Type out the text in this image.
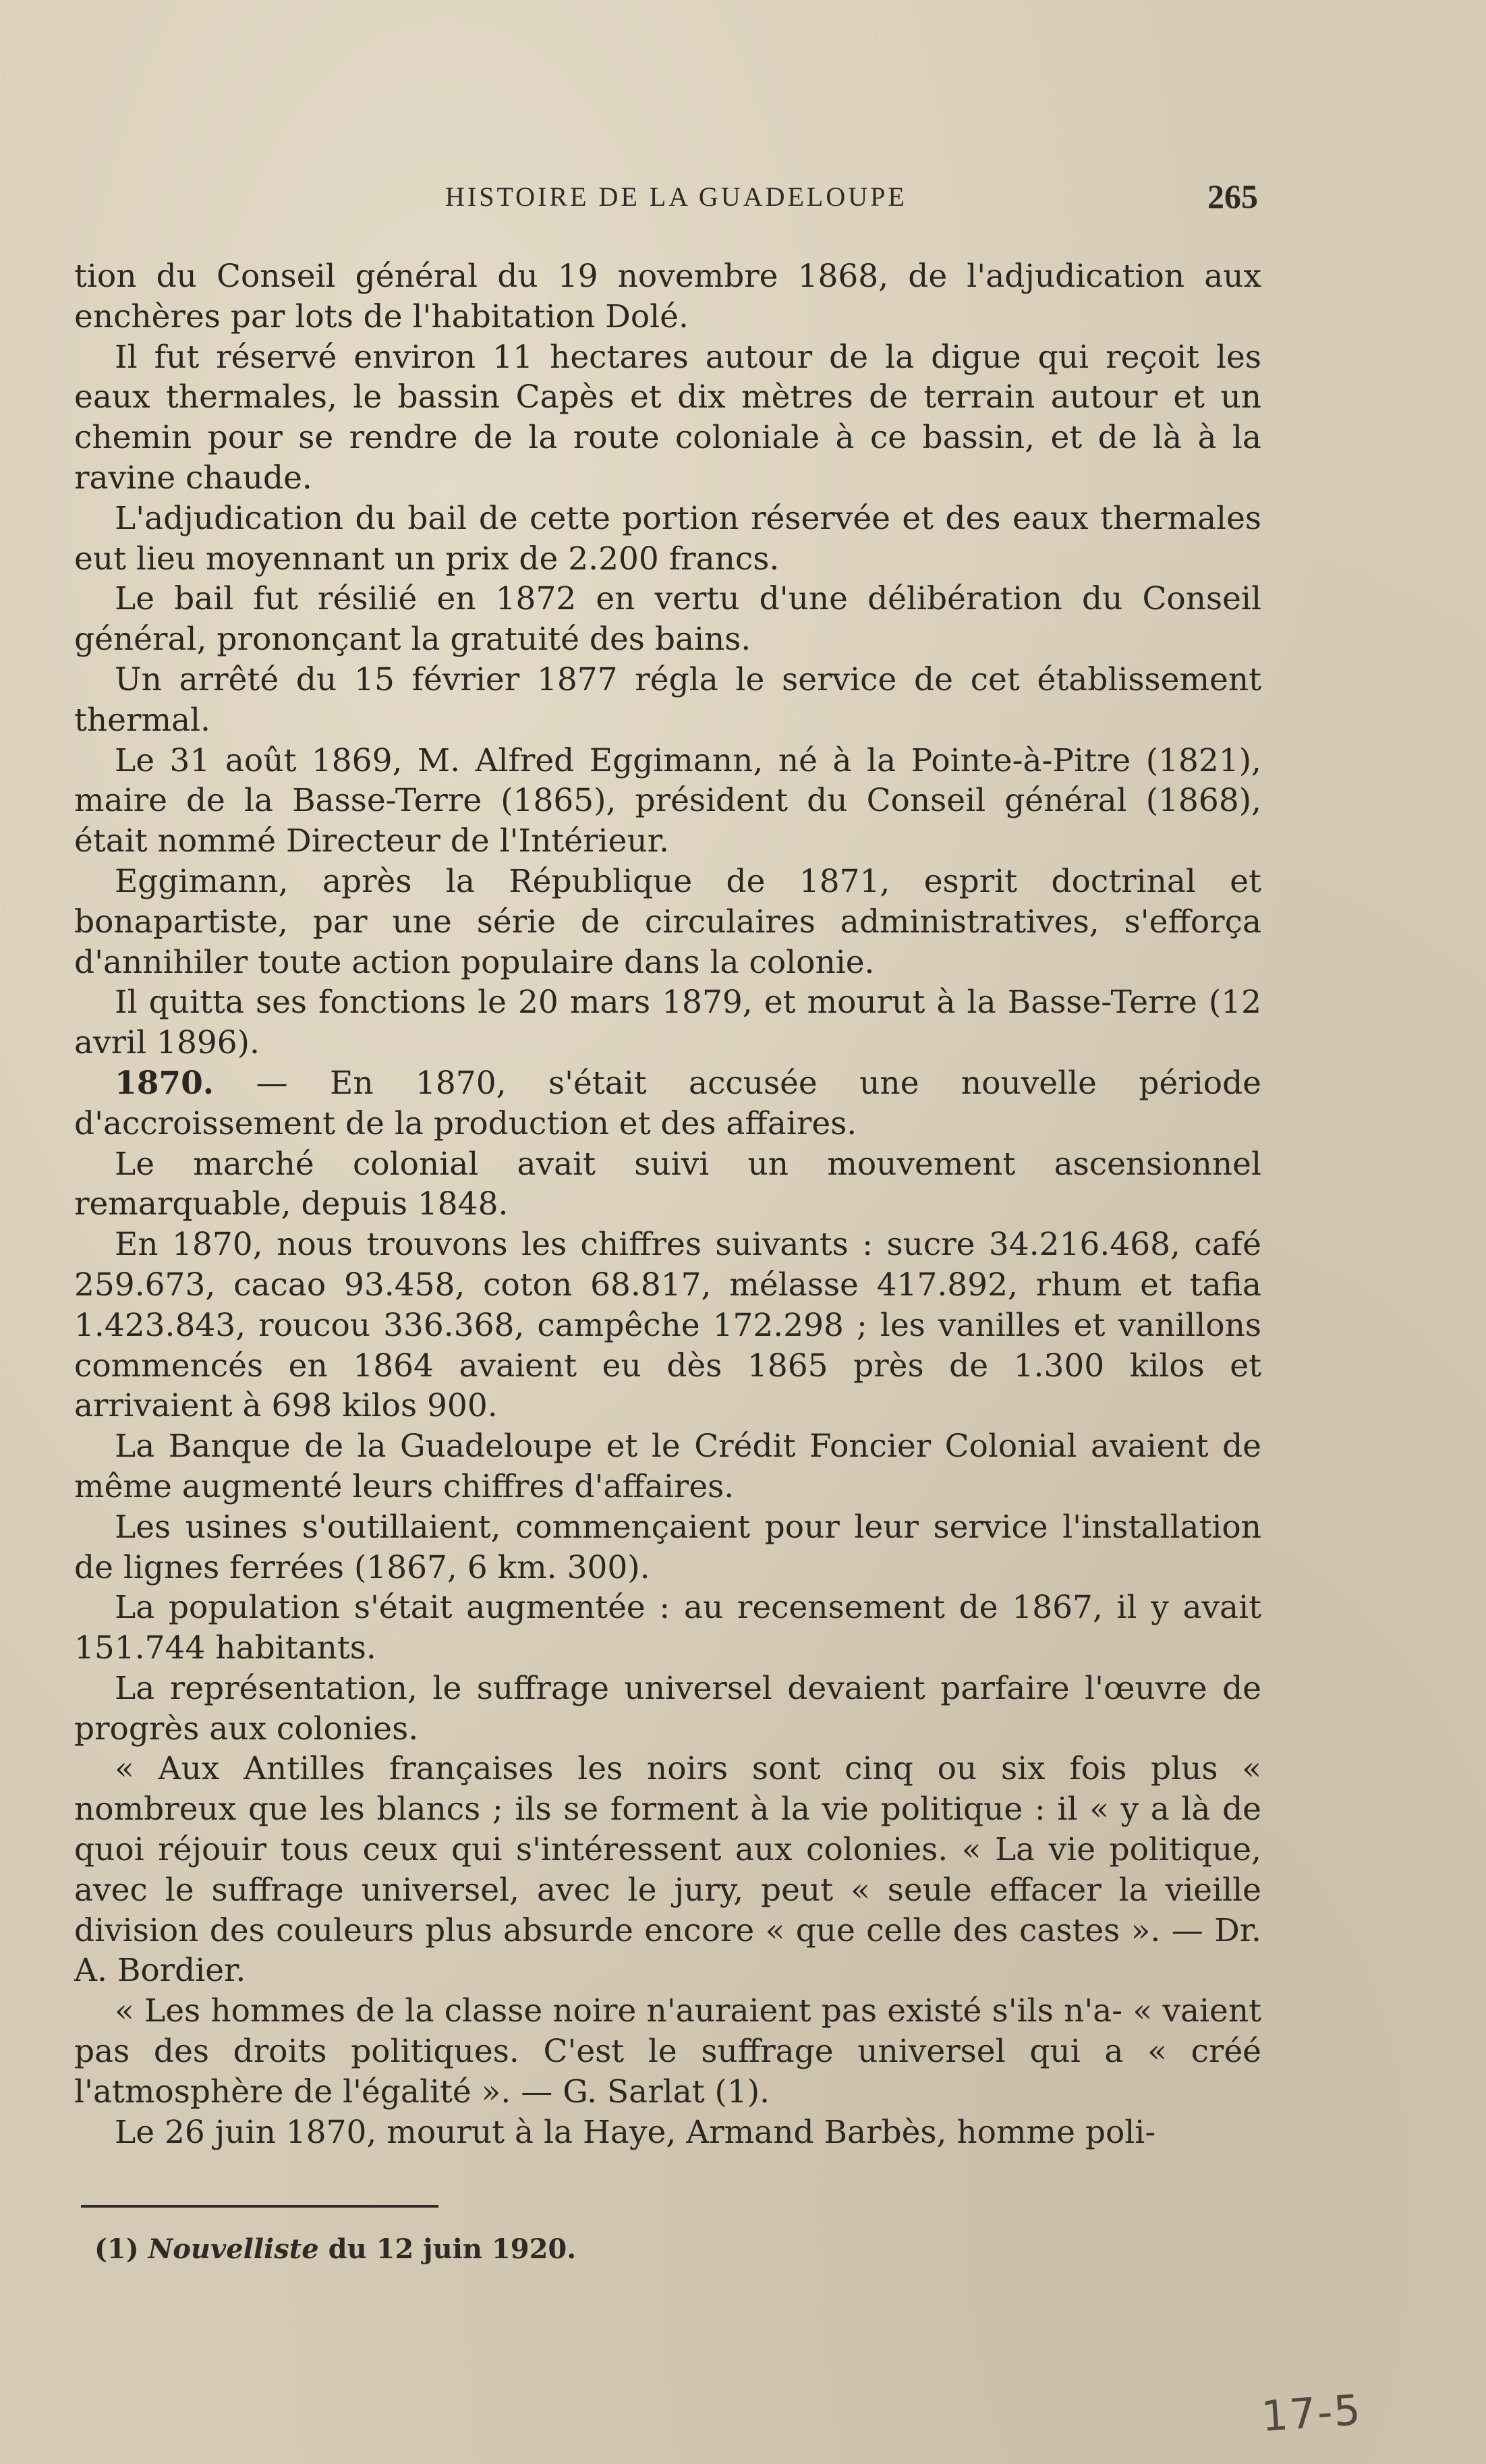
HISTOIRE DE LA GUADELOUPE	265

tion du Conseil général du 19 novembre 1868, de l'adjudication aux enchères par lots de l'habitation Dolé.

Il fut réservé environ 11 hectares autour de la digue qui reçoit les eaux thermales, le bassin Capès et dix mètres de terrain autour et un chemin pour se rendre de la route coloniale à ce bassin, et de là à la ravine chaude.

L'adjudication du bail de cette portion réservée et des eaux thermales eut lieu moyennant un prix de 2.200 francs.

Le bail fut résilié en 1872 en vertu d'une délibération du Conseil général, prononçant la gratuité des bains.

Un arrêté du 15 février 1877 régla le service de cet établissement thermal.

Le 31 août 1869, M. Alfred Eggimann, né à la Pointe-à-Pitre (1821), maire de la Basse-Terre (1865), président du Conseil général (1868), était nommé Directeur de l'Intérieur.

Eggimann, après la République de 1871, esprit doctrinal et bonapartiste, par une série de circulaires administratives, s'efforça d'annihiler toute action populaire dans la colonie.

Il quitta ses fonctions le 20 mars 1879, et mourut à la Basse-Terre (12 avril 1896).

1870. — En 1870, s'était accusée une nouvelle période d'accroissement de la production et des affaires.

Le marché colonial avait suivi un mouvement ascensionnel remarquable, depuis 1848.

En 1870, nous trouvons les chiffres suivants : sucre 34.216.468, café 259.673, cacao 93.458, coton 68.817, mélasse 417.892, rhum et tafia 1.423.843, roucou 336.368, campêche 172.298 ; les vanilles et vanillons commencés en 1864 avaient eu dès 1865 près de 1.300 kilos et arrivaient à 698 kilos 900.

La Banque de la Guadeloupe et le Crédit Foncier Colonial avaient de même augmenté leurs chiffres d'affaires.

Les usines s'outillaient, commençaient pour leur service l'installation de lignes ferrées (1867, 6 km. 300).

La population s'était augmentée : au recensement de 1867, il y avait 151.744 habitants.

La représentation, le suffrage universel devaient parfaire l'œuvre de progrès aux colonies.

« Aux Antilles françaises les noirs sont cinq ou six fois plus « nombreux que les blancs ; ils se forment à la vie politique : il « y a là de quoi réjouir tous ceux qui s'intéressent aux colonies. « La vie politique, avec le suffrage universel, avec le jury, peut « seule effacer la vieille division des couleurs plus absurde encore « que celle des castes ». — Dr. A. Bordier.

« Les hommes de la classe noire n'auraient pas existé s'ils n'a- « vaient pas des droits politiques. C'est le suffrage universel qui a « créé l'atmosphère de l'égalité ». — G. Sarlat (1).

Le 26 juin 1870, mourut à la Haye, Armand Barbès, homme poli-

(1) Nouvelliste du 12 juin 1920.
17-5
